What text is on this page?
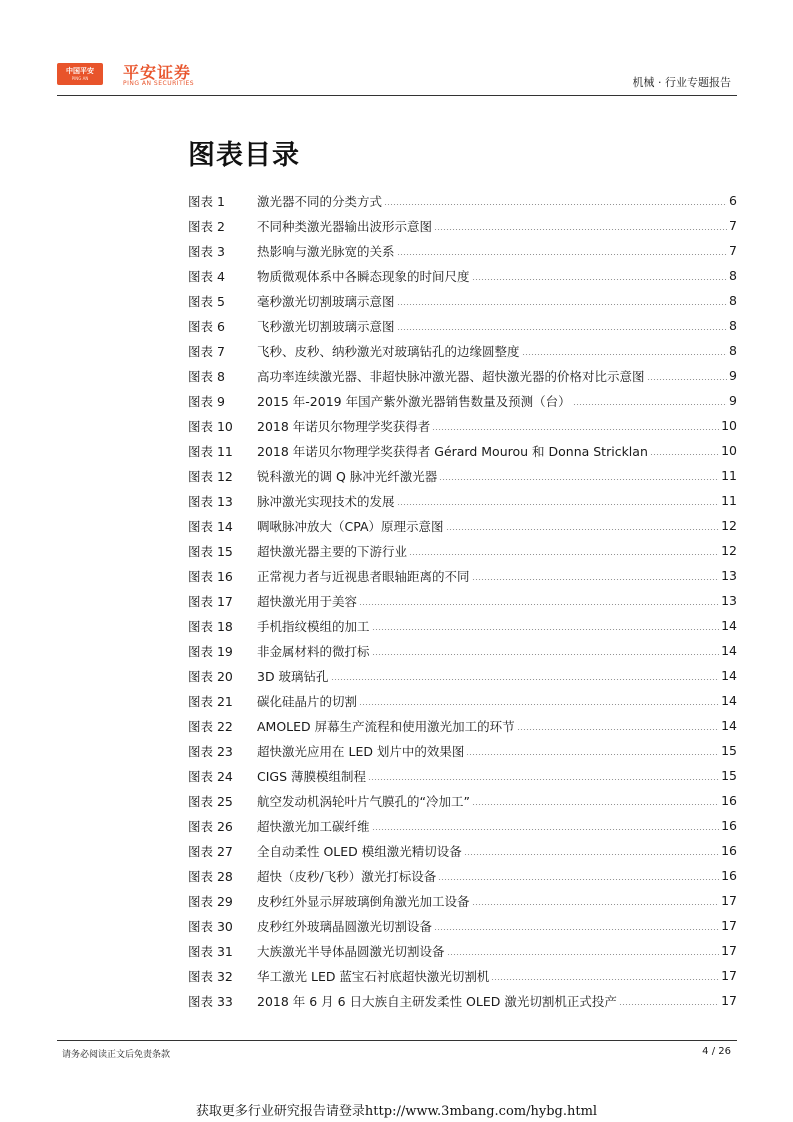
中国平安
PING AN	平安证券
PING AN SECURITIES	机械 · 行业专题报告
图表目录
图表 1	激光器不同的分类方式	6
图表 2	不同种类激光器输出波形示意图	7
图表 3	热影响与激光脉宽的关系	7
图表 4	物质微观体系中各瞬态现象的时间尺度	8
图表 5	毫秒激光切割玻璃示意图	8
图表 6	飞秒激光切割玻璃示意图	8
图表 7	飞秒、皮秒、纳秒激光对玻璃钻孔的边缘圆整度	8
图表 8	高功率连续激光器、非超快脉冲激光器、超快激光器的价格对比示意图	9
图表 9	2015 年-2019 年国产紫外激光器销售数量及预测（台）	9
图表 10	2018 年诺贝尔物理学奖获得者	10
图表 11	2018 年诺贝尔物理学奖获得者 Gérard Mourou 和 Donna Stricklan	10
图表 12	锐科激光的调 Q 脉冲光纤激光器	11
图表 13	脉冲激光实现技术的发展	11
图表 14	啁啾脉冲放大（CPA）原理示意图	12
图表 15	超快激光器主要的下游行业	12
图表 16	正常视力者与近视患者眼轴距离的不同	13
图表 17	超快激光用于美容	13
图表 18	手机指纹模组的加工	14
图表 19	非金属材料的微打标	14
图表 20	3D 玻璃钻孔	14
图表 21	碳化硅晶片的切割	14
图表 22	AMOLED 屏幕生产流程和使用激光加工的环节	14
图表 23	超快激光应用在 LED 划片中的效果图	15
图表 24	CIGS 薄膜模组制程	15
图表 25	航空发动机涡轮叶片气膜孔的“冷加工”	16
图表 26	超快激光加工碳纤维	16
图表 27	全自动柔性 OLED 模组激光精切设备	16
图表 28	超快（皮秒/飞秒）激光打标设备	16
图表 29	皮秒红外显示屏玻璃倒角激光加工设备	17
图表 30	皮秒红外玻璃晶圆激光切割设备	17
图表 31	大族激光半导体晶圆激光切割设备	17
图表 32	华工激光 LED 蓝宝石衬底超快激光切割机	17
图表 33	2018 年 6 月 6 日大族自主研发柔性 OLED 激光切割机正式投产	17
请务必阅读正文后免责条款	4 / 26
获取更多行业研究报告请登录http://www.3mbang.com/hybg.html
